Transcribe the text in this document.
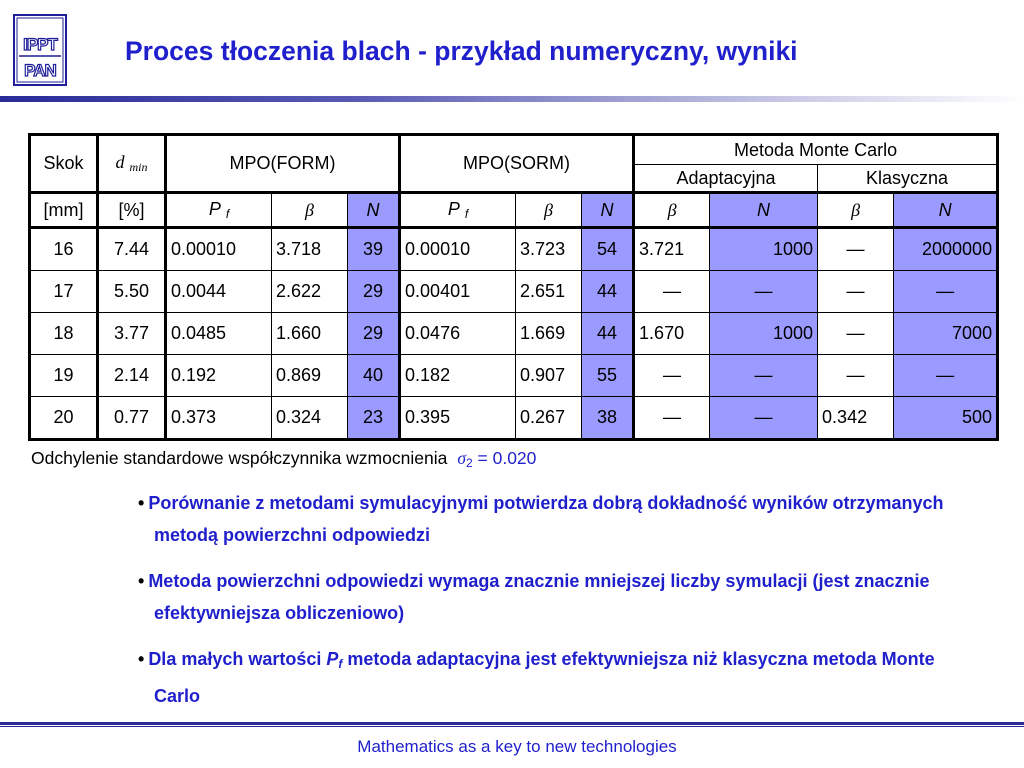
IPPT
PAN
Proces tłoczenia blach - przykład numeryczny, wyniki
Skok	d $_{min}$	MPO(FORM)			MPO(SORM)			Metoda Monte Carlo			
								Adaptacyjna		Klasyczna	
[mm]	[%]	P $_f$	β	N	P $_f$	β	N	β	N	β	N
16	7.44	0.00010	3.718	39	0.00010	3.723	54	3.721	1000	—	2000000
17	5.50	0.0044	2.622	29	0.00401	2.651	44	—	—	—	—
18	3.77	0.0485	1.660	29	0.0476	1.669	44	1.670	1000	—	7000
19	2.14	0.192	0.869	40	0.182	0.907	55	—	—	—	—
20	0.77	0.373	0.324	23	0.395	0.267	38	—	—	0.342	500
Odchylenie standardowe współczynnika wzmocnienia $\sigma_2 = 0.020$
• Porównanie z metodami symulacyjnymi potwierdza dobrą dokładność wyników otrzymanych metodą powierzchni odpowiedzi
• Metoda powierzchni odpowiedzi wymaga znacznie mniejszej liczby symulacji (jest znacznie efektywniejsza obliczeniowo)
• Dla małych wartości $P_f$ metoda adaptacyjna jest efektywniejsza niż klasyczna metoda Monte Carlo
Mathematics as a key to new technologies
